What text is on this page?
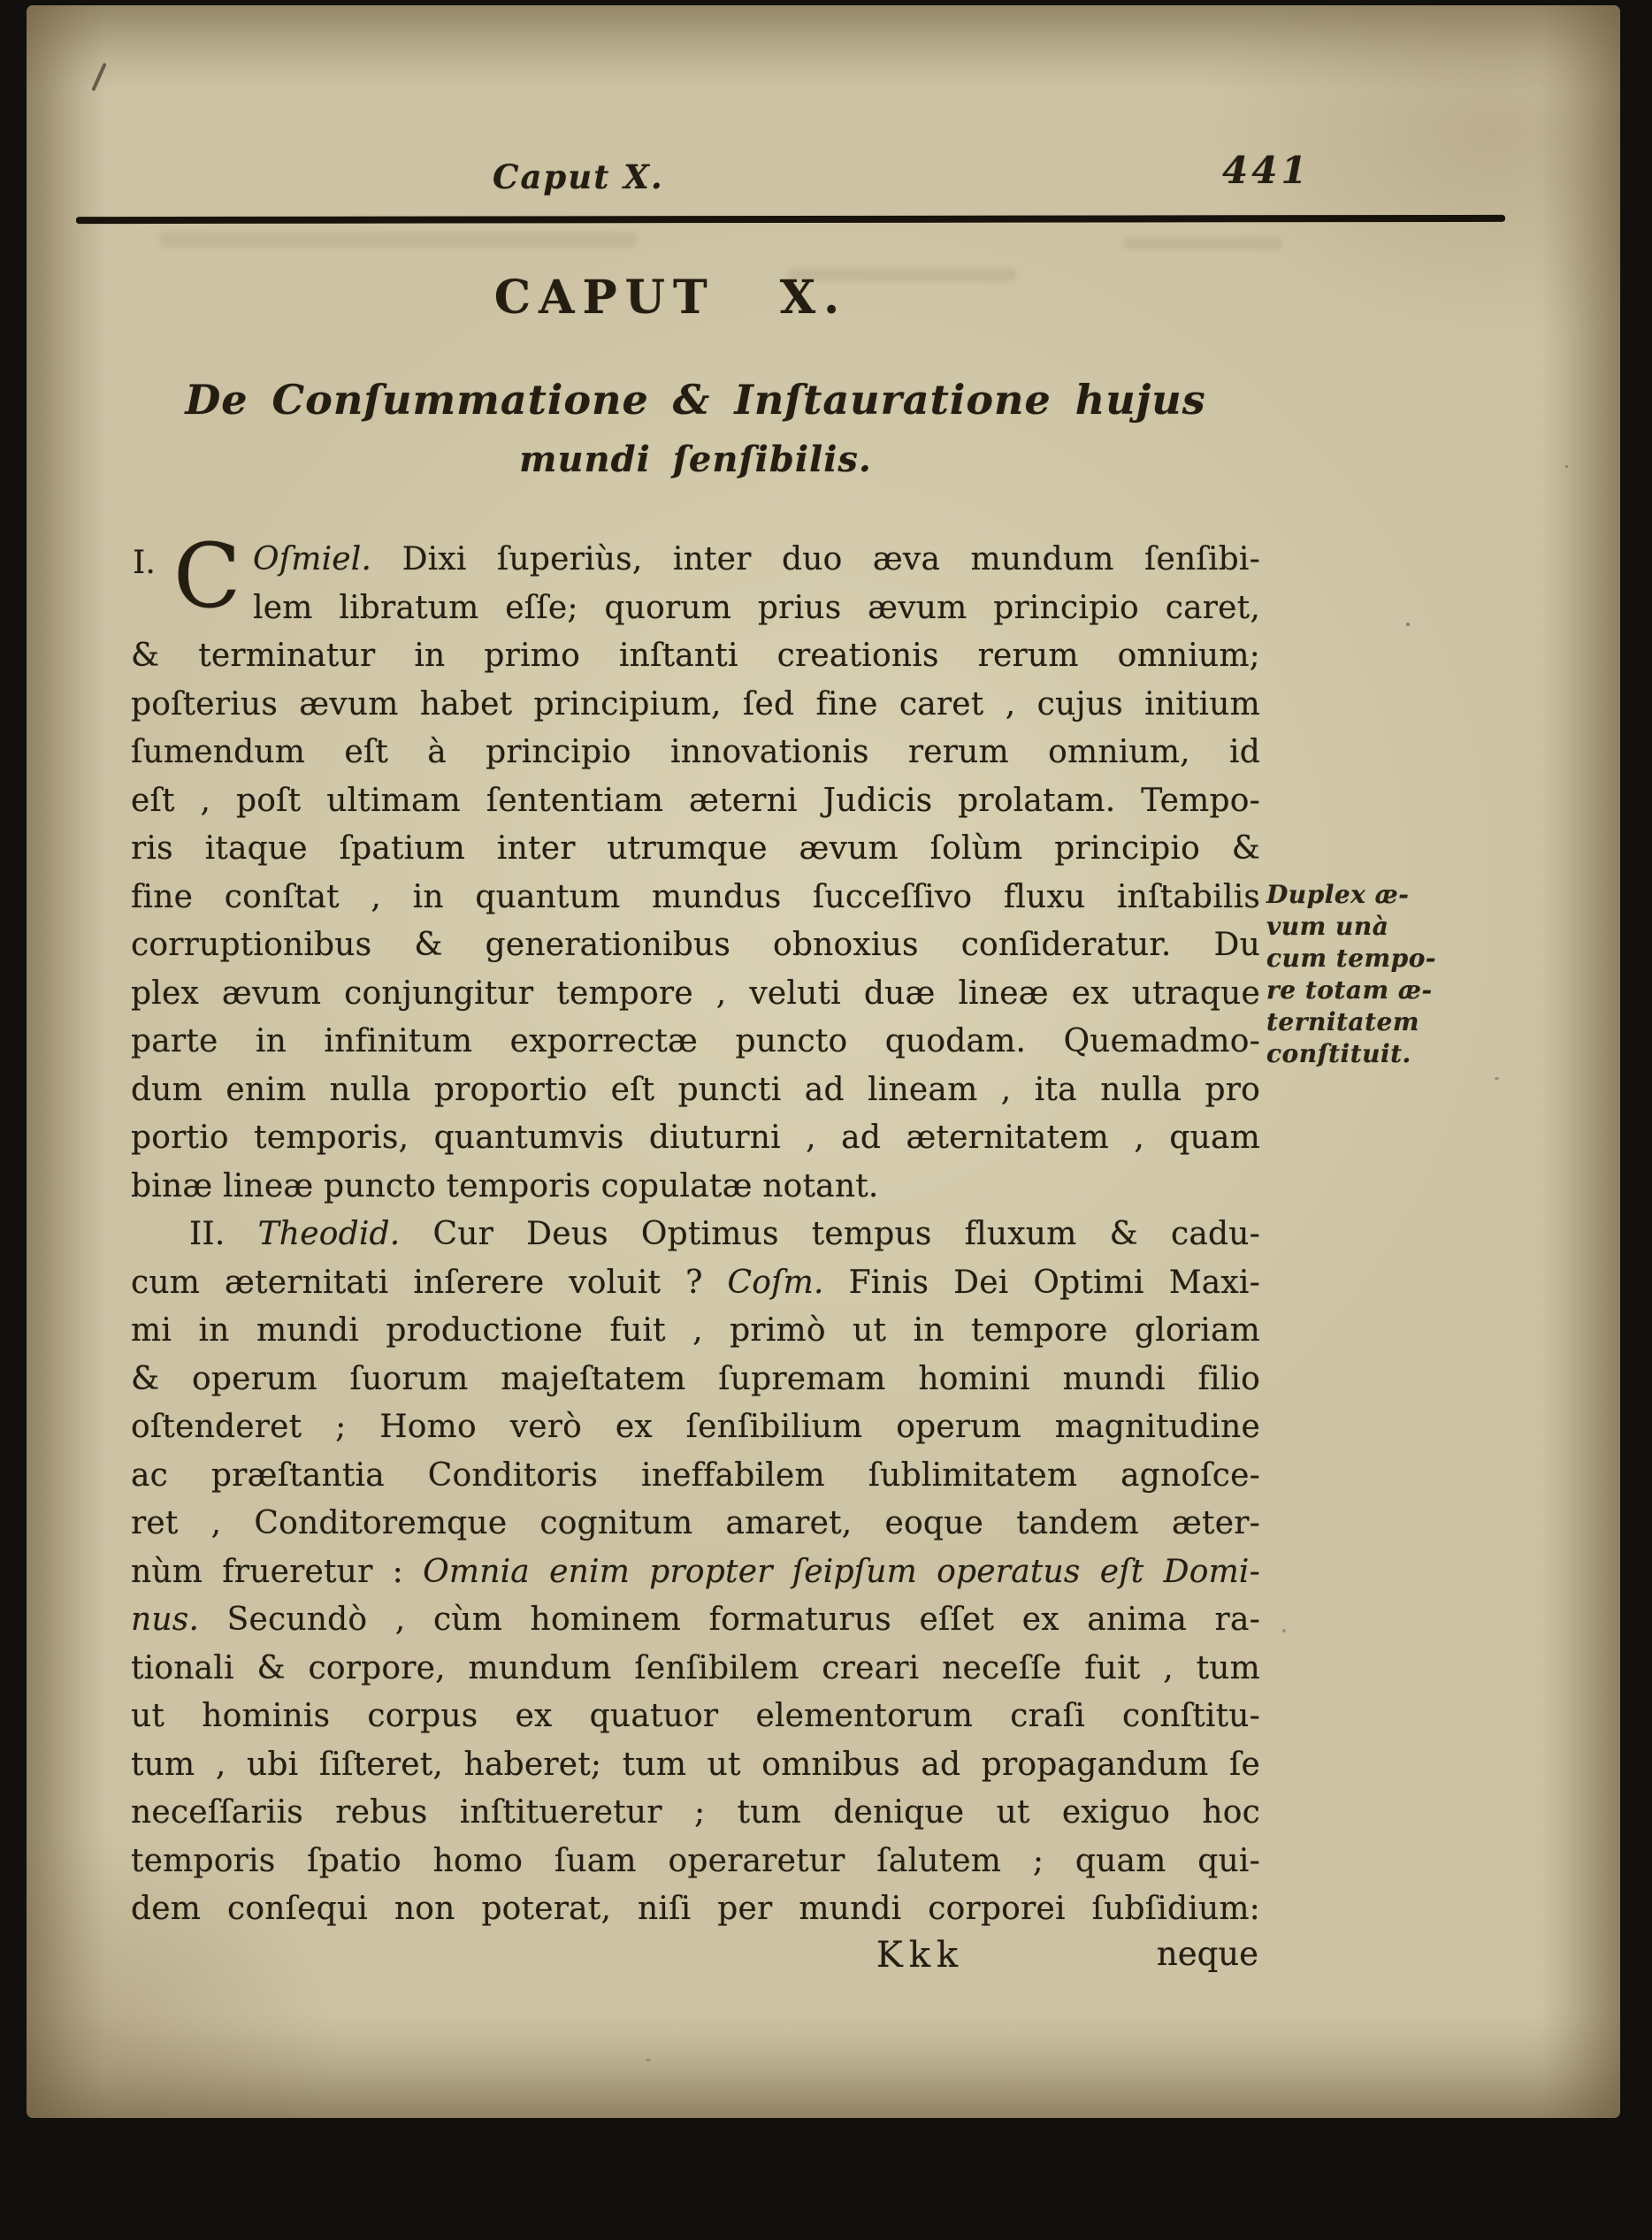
Caput X.	441
CAPUT X.
De Conſummatione & Inſtauratione hujus
mundi ſenſibilis.
I. C Oſmiel. Dixi ſuperiùs, inter duo æva mundum ſenſibi-
lem libratum eſſe; quorum prius ævum principio caret,
& terminatur in primo inſtanti creationis rerum omnium;
poſterius ævum habet principium, ſed fine caret , cujus initium
ſumendum eſt à principio innovationis rerum omnium, id
eſt , poſt ultimam ſententiam æterni Judicis prolatam. Tempo-
ris itaque ſpatium inter utrumque ævum ſolùm principio &
fine conſtat , in quantum mundus ſucceſſivo fluxu inſtabilis
corruptionibus & generationibus obnoxius conſideratur. Du
plex ævum conjungitur tempore , veluti duæ lineæ ex utraque
parte in infinitum exporrectæ puncto quodam. Quemadmo-
dum enim nulla proportio eſt puncti ad lineam , ita nulla pro
portio temporis, quantumvis diuturni , ad æternitatem , quam
binæ lineæ puncto temporis copulatæ notant.
II. Theodid. Cur Deus Optimus tempus fluxum & cadu-
cum æternitati inſerere voluit ? Coſm. Finis Dei Optimi Maxi-
mi in mundi productione fuit , primò ut in tempore gloriam
& operum ſuorum majeſtatem ſupremam homini mundi filio
oſtenderet ; Homo verò ex ſenſibilium operum magnitudine
ac præſtantia Conditoris ineffabilem ſublimitatem agnoſce-
ret , Conditoremque cognitum amaret, eoque tandem æter-
nùm frueretur : Omnia enim propter ſeipſum operatus eſt Domi-
nus. Secundò , cùm hominem formaturus eſſet ex anima ra-
tionali & corpore, mundum ſenſibilem creari neceſſe fuit , tum
ut hominis corpus ex quatuor elementorum craſi conſtitu-
tum , ubi ſiſteret, haberet; tum ut omnibus ad propagandum ſe
neceſſariis rebus inſtitueretur ; tum denique ut exiguo hoc
temporis ſpatio homo ſuam operaretur ſalutem ; quam qui-
dem conſequi non poterat, niſi per mundi corporei ſubſidium:
Duplex æ-
vum unà
cum tempo-
re totam æ-
ternitatem
conſtituit.
Kkk	neque
